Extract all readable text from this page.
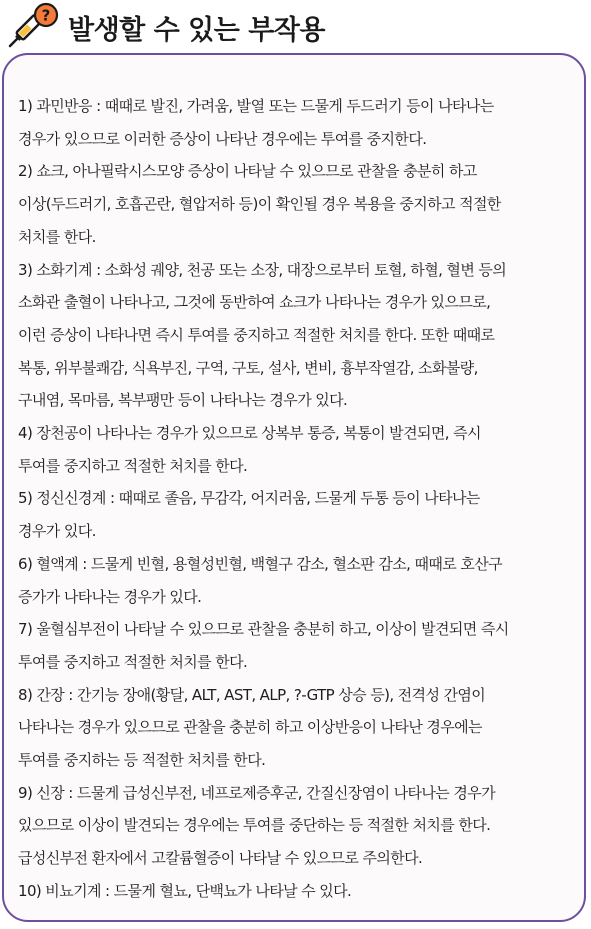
? 발생할 수 있는 부작용

1) 과민반응 : 때때로 발진, 가려움, 발열 또는 드물게 두드러기 등이 나타나는

경우가 있으므로 이러한 증상이 나타난 경우에는 투여를 중지한다.

2) 쇼크, 아나필락시스모양 증상이 나타날 수 있으므로 관찰을 충분히 하고

이상(두드러기, 호흡곤란, 혈압저하 등)이 확인될 경우 복용을 중지하고 적절한

처치를 한다.

3) 소화기계 : 소화성 궤양, 천공 또는 소장, 대장으로부터 토혈, 하혈, 혈변 등의

소화관 출혈이 나타나고, 그것에 동반하여 쇼크가 나타나는 경우가 있으므로,

이런 증상이 나타나면 즉시 투여를 중지하고 적절한 처치를 한다. 또한 때때로

복통, 위부불쾌감, 식욕부진, 구역, 구토, 설사, 변비, 흉부작열감, 소화불량,

구내염, 목마름, 복부팽만 등이 나타나는 경우가 있다.

4) 장천공이 나타나는 경우가 있으므로 상복부 통증, 복통이 발견되면, 즉시

투여를 중지하고 적절한 처치를 한다.

5) 정신신경계 : 때때로 졸음, 무감각, 어지러움, 드물게 두통 등이 나타나는

경우가 있다.

6) 혈액계 : 드물게 빈혈, 용혈성빈혈, 백혈구 감소, 혈소판 감소, 때때로 호산구

증가가 나타나는 경우가 있다.

7) 울혈심부전이 나타날 수 있으므로 관찰을 충분히 하고, 이상이 발견되면 즉시

투여를 중지하고 적절한 처치를 한다.

8) 간장 : 간기능 장애(황달, ALT, AST, ALP, ?-GTP 상승 등), 전격성 간염이

나타나는 경우가 있으므로 관찰을 충분히 하고 이상반응이 나타난 경우에는

투여를 중지하는 등 적절한 처치를 한다.

9) 신장 : 드물게 급성신부전, 네프로제증후군, 간질신장염이 나타나는 경우가

있으므로 이상이 발견되는 경우에는 투여를 중단하는 등 적절한 처치를 한다.

급성신부전 환자에서 고칼륨혈증이 나타날 수 있으므로 주의한다.

10) 비뇨기계 : 드물게 혈뇨, 단백뇨가 나타날 수 있다.
